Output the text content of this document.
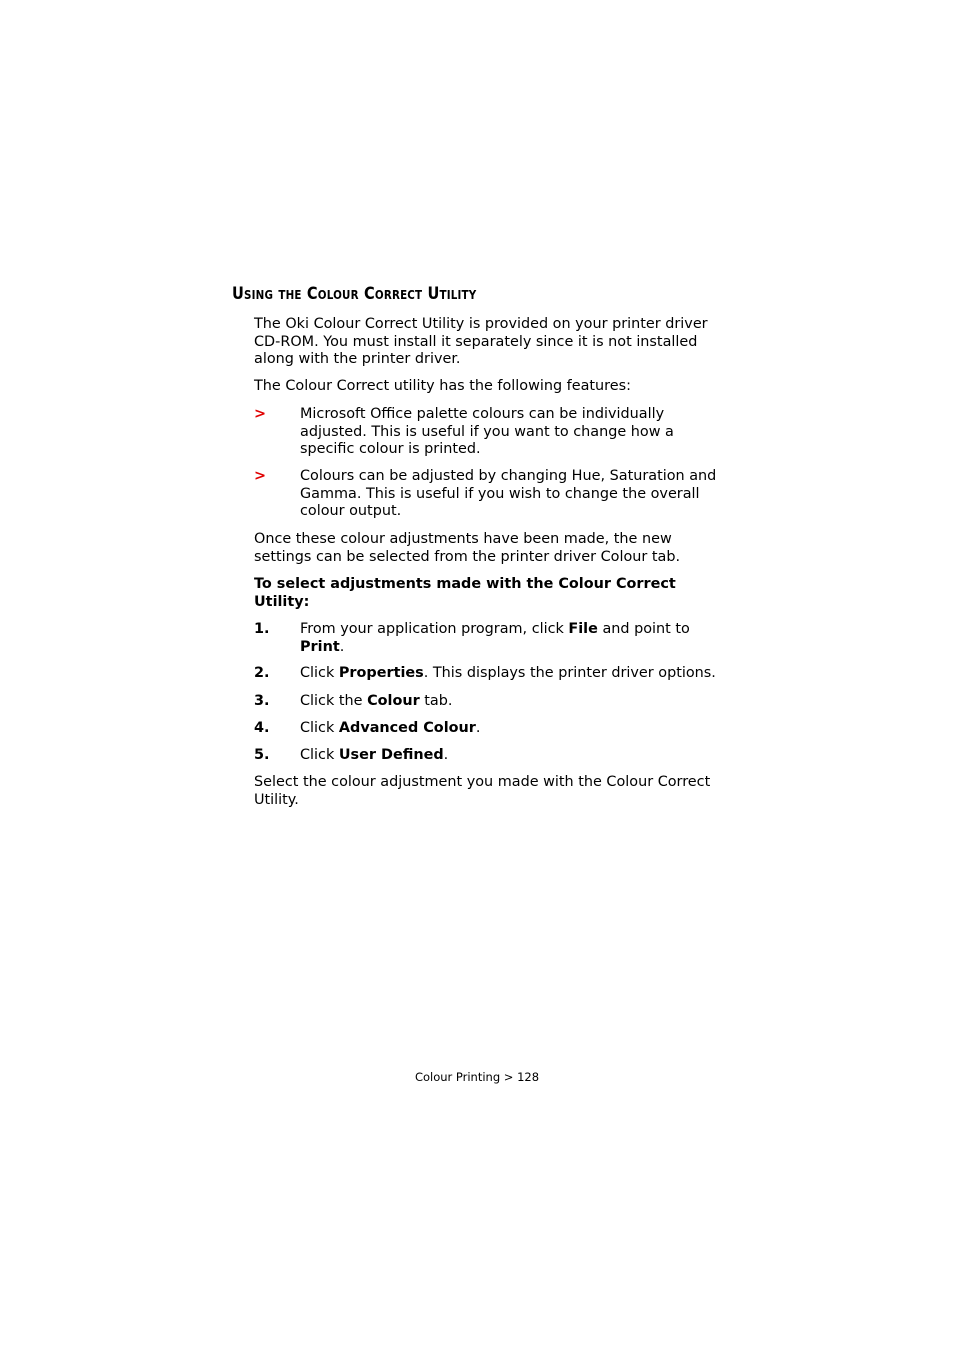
Using the Colour Correct Utility

The Oki Colour Correct Utility is provided on your printer driver CD-ROM. You must install it separately since it is not installed along with the printer driver.

The Colour Correct utility has the following features:

> Microsoft Office palette colours can be individually adjusted. This is useful if you want to change how a specific colour is printed.
> Colours can be adjusted by changing Hue, Saturation and Gamma. This is useful if you wish to change the overall colour output.

Once these colour adjustments have been made, the new settings can be selected from the printer driver Colour tab.

To select adjustments made with the Colour Correct Utility:

1. From your application program, click File and point to Print.
2. Click Properties. This displays the printer driver options.
3. Click the Colour tab.
4. Click Advanced Colour.
5. Click User Defined.

Select the colour adjustment you made with the Colour Correct Utility.

Colour Printing > 128
